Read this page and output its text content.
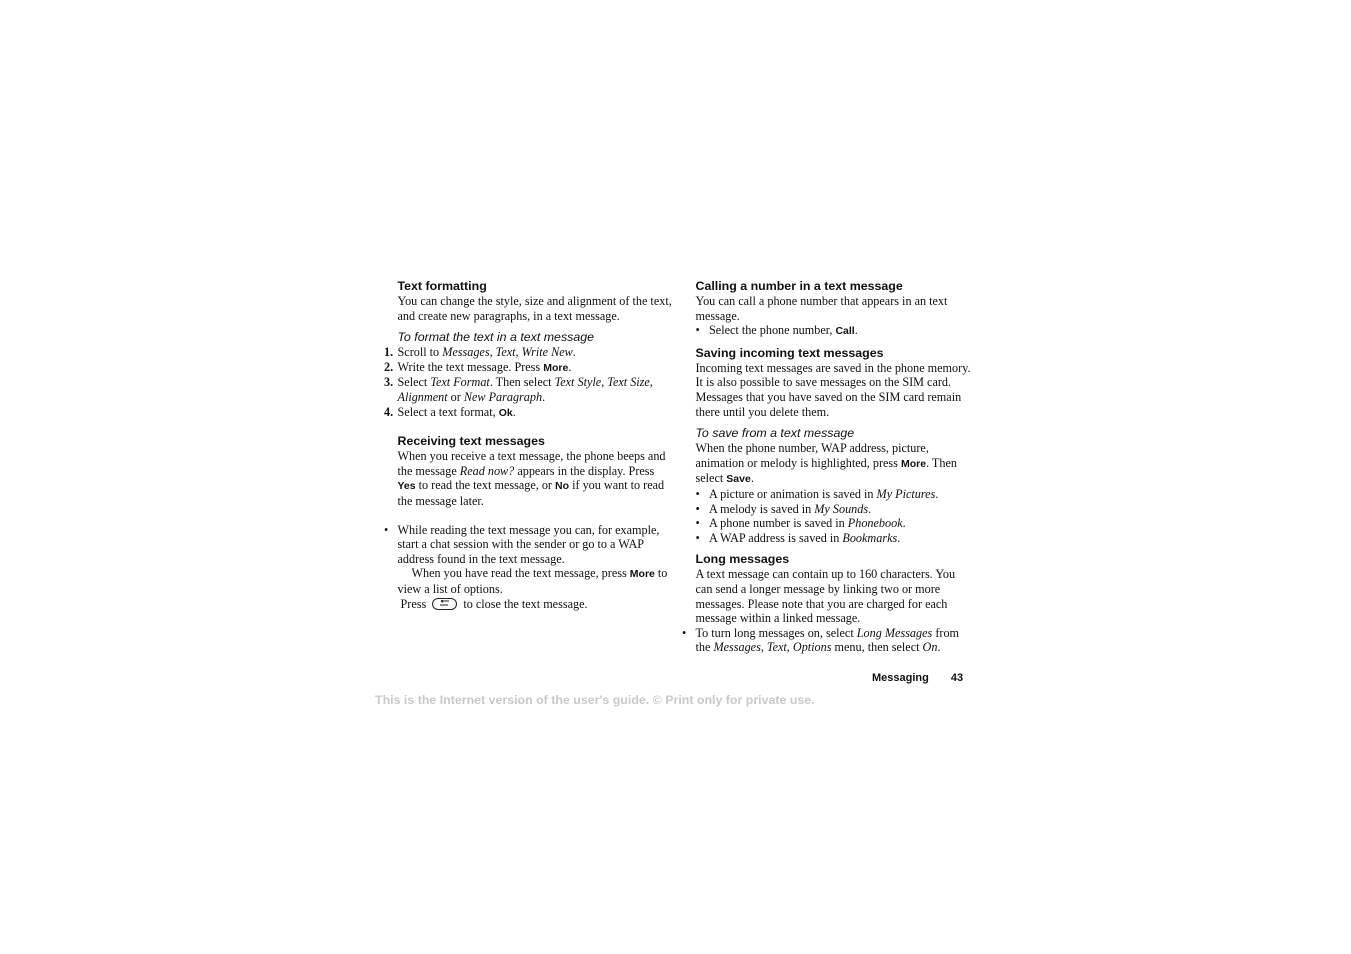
Text formatting

You can change the style, size and alignment of the text, and create new paragraphs, in a text message.

To format the text in a text message

1. Scroll to Messages, Text, Write New.
2. Write the text message. Press More.
3. Select Text Format. Then select Text Style, Text Size,
Alignment or New Paragraph.
4. Select a text format, Ok.

Receiving text messages

When you receive a text message, the phone beeps and the message Read now? appears in the display. Press Yes to read the text message, or No if you want to read the message later.

• While reading the text message you can, for example, start a chat session with the sender or go to a WAP address found in the text message.

When you have read the text message, press More to view a list of options.

Press	to close the text message.

Calling a number in a text message

You can call a phone number that appears in an text message.

• Select the phone number, Call.

Saving incoming text messages

Incoming text messages are saved in the phone memory. It is also possible to save messages on the SIM card. Messages that you have saved on the SIM card remain there until you delete them.

To save from a text message

When the phone number, WAP address, picture, animation or melody is highlighted, press More. Then select Save.

• A picture or animation is saved in My Pictures.
• A melody is saved in My Sounds.
• A phone number is saved in Phonebook.
• A WAP address is saved in Bookmarks.

Long messages

A text message can contain up to 160 characters. You can send a longer message by linking two or more messages. Please note that you are charged for each message within a linked message.

• To turn long messages on, select Long Messages from the Messages, Text, Options menu, then select On.
Messaging 43
This is the Internet version of the user's guide. © Print only for private use.
